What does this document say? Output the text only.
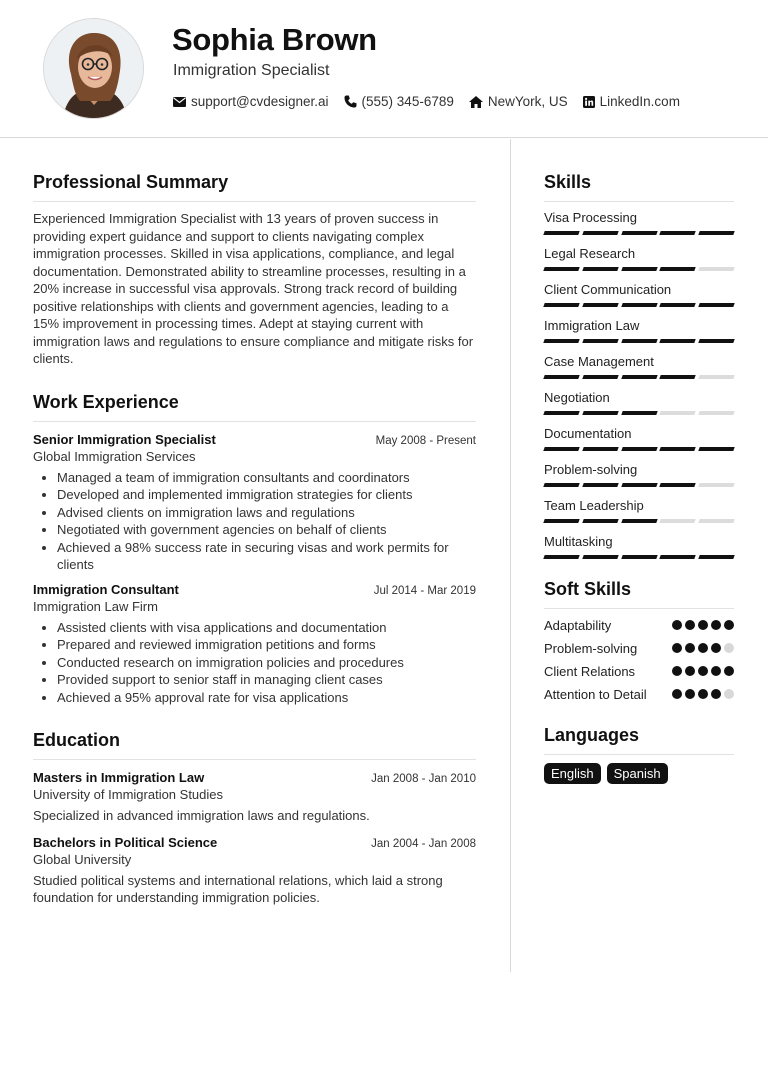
Sophia Brown
Immigration Specialist
support@cvdesigner.ai (555) 345-6789	NewYork, US LinkedIn.com
Professional Summary

Experienced Immigration Specialist with 13 years of proven success in providing expert guidance and support to clients navigating complex immigration processes. Skilled in visa applications, compliance, and legal documentation. Demonstrated ability to streamline processes, resulting in a 20% increase in successful visa approvals. Strong track record of building positive relationships with clients and government agencies, leading to a 15% improvement in processing times. Adept at staying current with immigration laws and regulations to ensure compliance and mitigate risks for clients.

Work Experience
Senior Immigration Specialist	May 2008 - Present
Global Immigration Services
• Managed a team of immigration consultants and coordinators
• Developed and implemented immigration strategies for clients
• Advised clients on immigration laws and regulations
• Negotiated with government agencies on behalf of clients
• Achieved a 98% success rate in securing visas and work permits for clients
Immigration Consultant	Jul 2014 - Mar 2019
Immigration Law Firm
• Assisted clients with visa applications and documentation
• Prepared and reviewed immigration petitions and forms
• Conducted research on immigration policies and procedures
• Provided support to senior staff in managing client cases
• Achieved a 95% approval rate for visa applications
Education
Masters in Immigration Law	Jan 2008 - Jan 2010
University of Immigration Studies

Specialized in advanced immigration laws and regulations.

Bachelors in Political Science	Jan 2004 - Jan 2008
Global University

Studied political systems and international relations, which laid a strong foundation for understanding immigration policies.

Skills
Visa Processing
Legal Research
Client Communication
Immigration Law
Case Management
Negotiation
Documentation
Problem-solving
Team Leadership
Multitasking
Soft Skills
Adaptability
Problem-solving
Client Relations
Attention to Detail
Languages
English	Spanish
